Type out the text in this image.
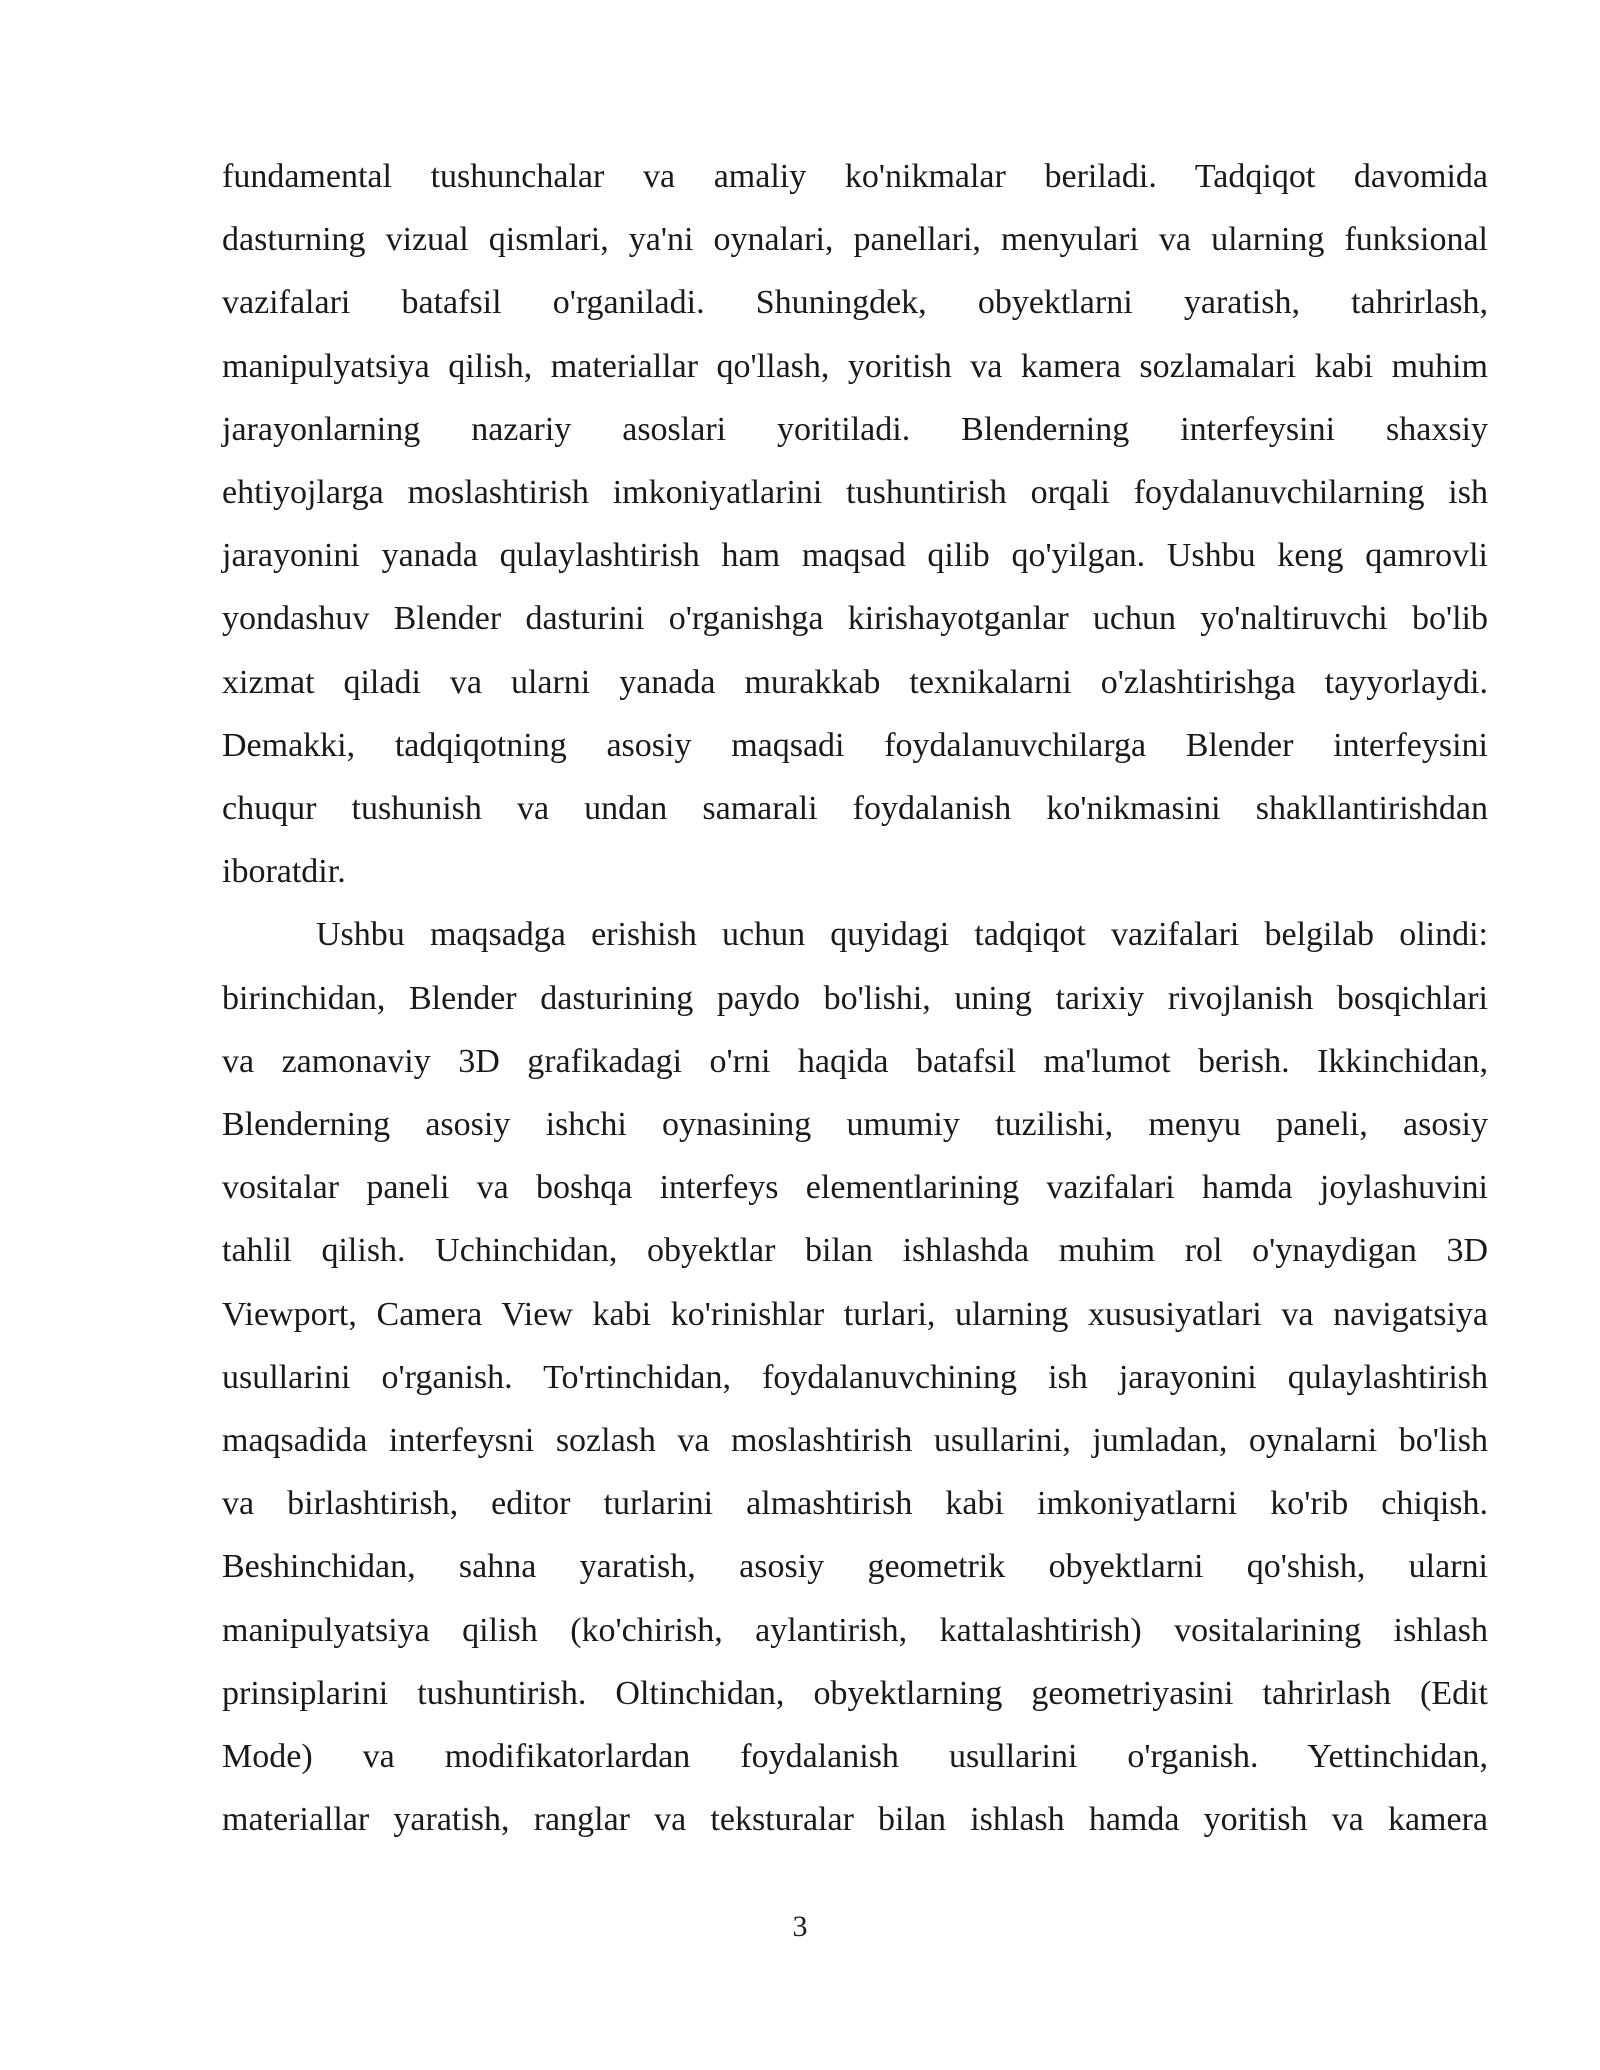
fundamental tushunchalar va amaliy ko'nikmalar beriladi. Tadqiqot davomida
dasturning vizual qismlari, ya'ni oynalari, panellari, menyulari va ularning funksional
vazifalari batafsil o'rganiladi. Shuningdek, obyektlarni yaratish, tahrirlash,
manipulyatsiya qilish, materiallar qo'llash, yoritish va kamera sozlamalari kabi muhim
jarayonlarning nazariy asoslari yoritiladi. Blenderning interfeysini shaxsiy
ehtiyojlarga moslashtirish imkoniyatlarini tushuntirish orqali foydalanuvchilarning ish
jarayonini yanada qulaylashtirish ham maqsad qilib qo'yilgan. Ushbu keng qamrovli
yondashuv Blender dasturini o'rganishga kirishayotganlar uchun yo'naltiruvchi bo'lib
xizmat qiladi va ularni yanada murakkab texnikalarni o'zlashtirishga tayyorlaydi.
Demakki, tadqiqotning asosiy maqsadi foydalanuvchilarga Blender interfeysini
chuqur tushunish va undan samarali foydalanish ko'nikmasini shakllantirishdan
iboratdir.

Ushbu maqsadga erishish uchun quyidagi tadqiqot vazifalari belgilab olindi:
birinchidan, Blender dasturining paydo bo'lishi, uning tarixiy rivojlanish bosqichlari
va zamonaviy 3D grafikadagi o'rni haqida batafsil ma'lumot berish. Ikkinchidan,
Blenderning asosiy ishchi oynasining umumiy tuzilishi, menyu paneli, asosiy
vositalar paneli va boshqa interfeys elementlarining vazifalari hamda joylashuvini
tahlil qilish. Uchinchidan, obyektlar bilan ishlashda muhim rol o'ynaydigan 3D
Viewport, Camera View kabi ko'rinishlar turlari, ularning xususiyatlari va navigatsiya
usullarini o'rganish. To'rtinchidan, foydalanuvchining ish jarayonini qulaylashtirish
maqsadida interfeysni sozlash va moslashtirish usullarini, jumladan, oynalarni bo'lish
va birlashtirish, editor turlarini almashtirish kabi imkoniyatlarni ko'rib chiqish.
Beshinchidan, sahna yaratish, asosiy geometrik obyektlarni qo'shish, ularni
manipulyatsiya qilish (ko'chirish, aylantirish, kattalashtirish) vositalarining ishlash
prinsiplarini tushuntirish. Oltinchidan, obyektlarning geometriyasini tahrirlash (Edit
Mode) va modifikatorlardan foydalanish usullarini o'rganish. Yettinchidan,
materiallar yaratish, ranglar va teksturalar bilan ishlash hamda yoritish va kamera

3
